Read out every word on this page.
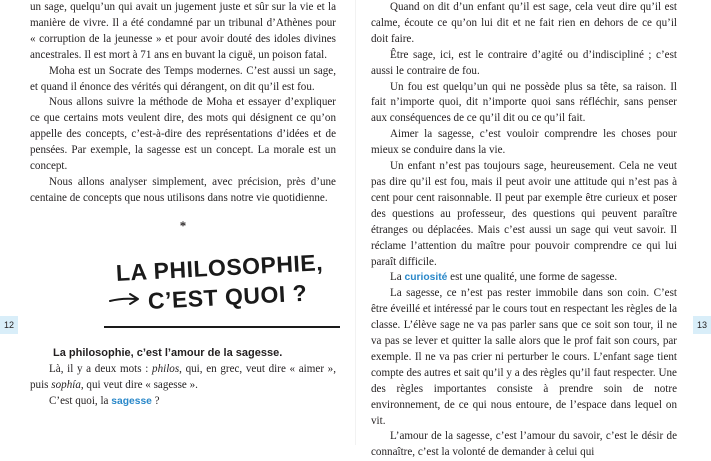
un sage, quelqu’un qui avait un jugement juste et sûr sur la vie et la manière de vivre. Il a été condamné par un tribunal d’Athènes pour « corruption de la jeunesse » et pour avoir douté des idoles divines ancestrales. Il est mort à 71 ans en buvant la ciguë, un poison fatal.

Moha est un Socrate des Temps modernes. C’est aussi un sage, et quand il énonce des vérités qui dérangent, on dit qu’il est fou.

Nous allons suivre la méthode de Moha et essayer d’expliquer ce que certains mots veulent dire, des mots qui désignent ce qu’on appelle des concepts, c’est-à-dire des représentations d’idées et de pensées. Par exemple, la sagesse est un concept. La morale est un concept.

Nous allons analyser simplement, avec précision, près d’une centaine de concepts que nous utilisons dans notre vie quotidienne.

*
LA PHILOSOPHIE,
C’EST QUOI ?
La philosophie, c’est l’amour de la sagesse.

Là, il y a deux mots : philos, qui, en grec, veut dire « aimer », puis sophía, qui veut dire « sagesse ».

C’est quoi, la sagesse ?

12

Quand on dit d’un enfant qu’il est sage, cela veut dire qu’il est calme, écoute ce qu’on lui dit et ne fait rien en dehors de ce qu’il doit faire.

Être sage, ici, est le contraire d’agité ou d’indiscipliné ; c’est aussi le contraire de fou.

Un fou est quelqu’un qui ne possède plus sa tête, sa raison. Il fait n’importe quoi, dit n’importe quoi sans réfléchir, sans penser aux conséquences de ce qu’il dit ou ce qu’il fait.

Aimer la sagesse, c’est vouloir comprendre les choses pour mieux se conduire dans la vie.

Un enfant n’est pas toujours sage, heureusement. Cela ne veut pas dire qu’il est fou, mais il peut avoir une attitude qui n’est pas à cent pour cent raisonnable. Il peut par exemple être curieux et poser des questions au professeur, des questions qui peuvent paraître étranges ou déplacées. Mais c’est aussi un sage qui veut savoir. Il réclame l’attention du maître pour pouvoir comprendre ce qui lui paraît difficile.

La curiosité est une qualité, une forme de sagesse.

La sagesse, ce n’est pas rester immobile dans son coin. C’est être éveillé et intéressé par le cours tout en respectant les règles de la classe. L’élève sage ne va pas parler sans que ce soit son tour, il ne va pas se lever et quitter la salle alors que le prof fait son cours, par exemple. Il ne va pas crier ni perturber le cours. L’enfant sage tient compte des autres et sait qu’il y a des règles qu’il faut respecter. Une des règles importantes consiste à prendre soin de notre environnement, de ce qui nous entoure, de l’espace dans lequel on vit.

L’amour de la sagesse, c’est l’amour du savoir, c’est le désir de connaître, c’est la volonté de demander à celui qui

13
